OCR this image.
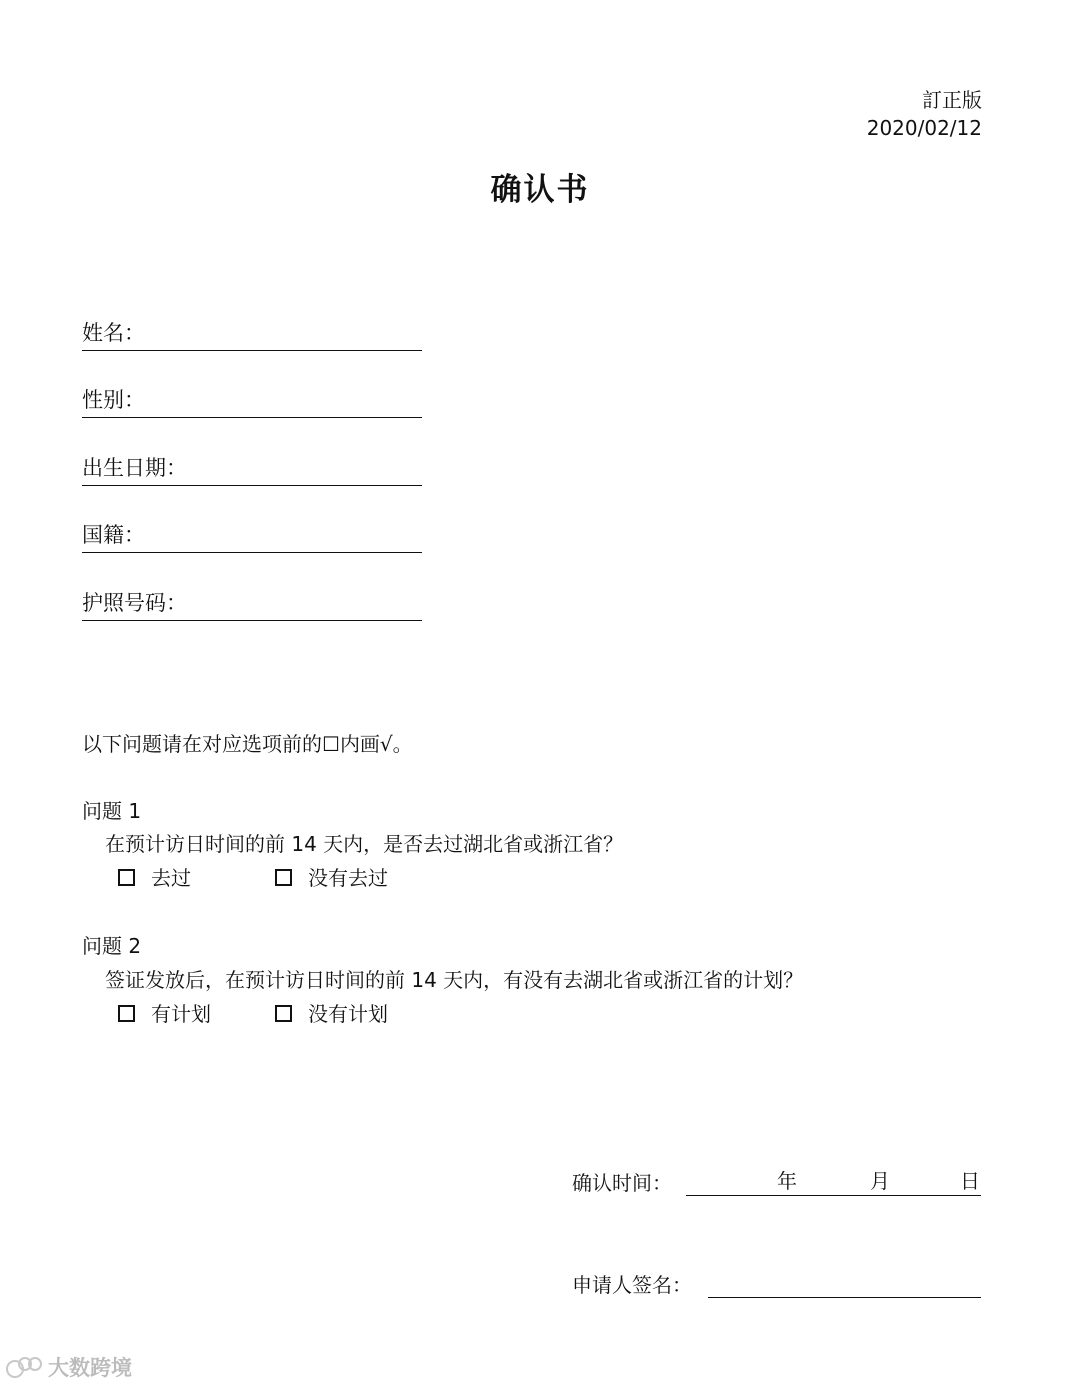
訂正版
2020/02/12
确认书
姓名：
性别：
出生日期：
国籍：
护照号码：
以下问题请在对应选项前的☐内画√。
问题 1
在预计访日时间的前 14 天内，是否去过湖北省或浙江省？
去过	没有去过
问题 2
签证发放后，在预计访日时间的前 14 天内，有没有去湖北省或浙江省的计划？
有计划	没有计划
确认时间：	年	月	日
申请人签名：
大数跨境
